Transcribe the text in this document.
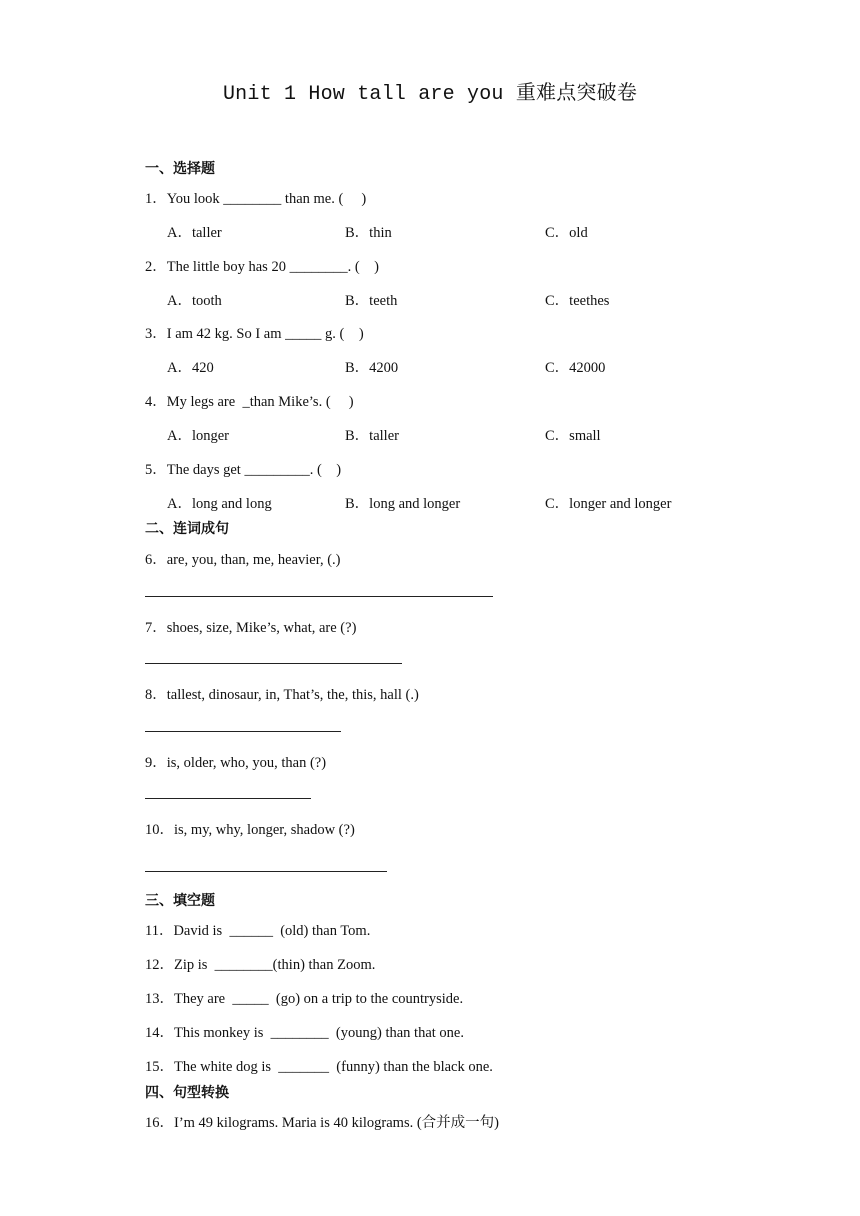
Unit 1 How tall are you 重难点突破卷
一、选择题
1．You look ________ than me. (     )
A．taller	B．thin	C．old
2．The little boy has 20 ________. (    )
A．tooth	B．teeth	C．teethes
3．I am 42 kg. So I am _____ g. (    )
A．420	B．4200	C．42000
4．My legs are  _than Mike’s. (     )
A．longer	B．taller	C．small
5．The days get _________. (    )
A．long and long	B．long and longer	C．longer and longer
二、连词成句
6．are, you, than, me, heavier, (.)
7．shoes, size, Mike’s, what, are (?)
8．tallest, dinosaur, in, That’s, the, this, hall (.)
9．is, older, who, you, than (?)
10．is, my, why, longer, shadow (?)
三、填空题
11．David is  ______  (old) than Tom.
12．Zip is  ________(thin) than Zoom.
13．They are  _____  (go) on a trip to the countryside.
14．This monkey is  ________  (young) than that one.
15．The white dog is  _______  (funny) than the black one.
四、句型转换
16．I’m 49 kilograms. Maria is 40 kilograms. (合并成一句)
